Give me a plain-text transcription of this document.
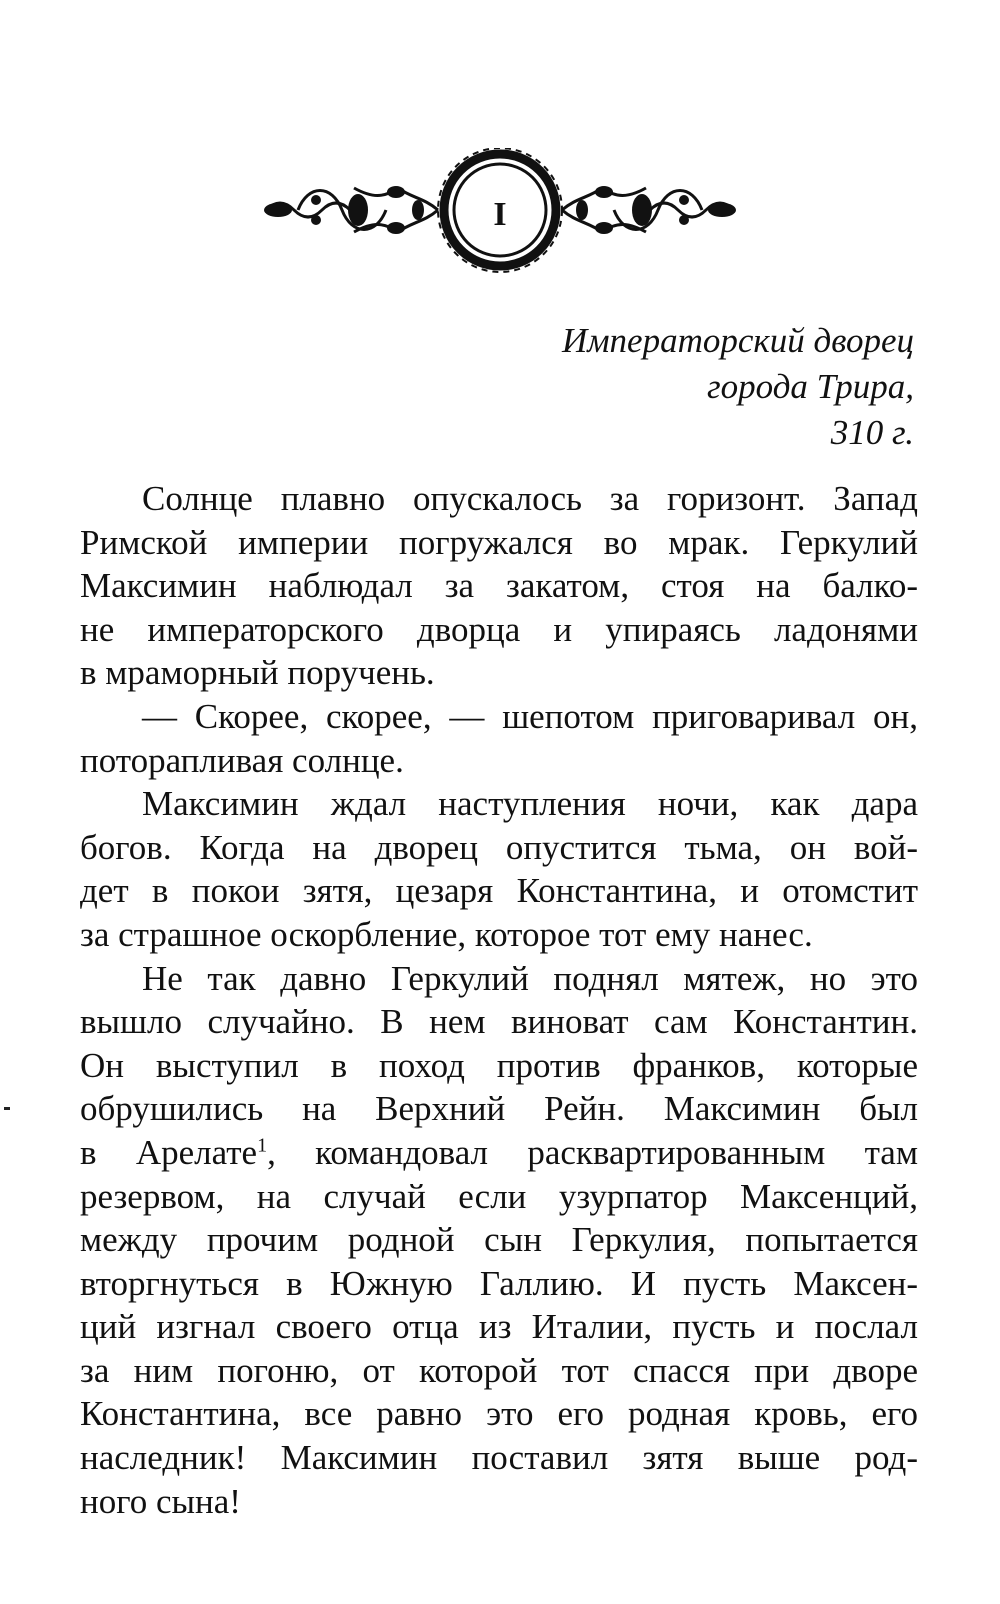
I
Императорский дворец
города Трира,
310 г.
Солнце плавно опускалось за горизонт. Запад
Римской империи погружался во мрак. Геркулий
Максимин наблюдал за закатом, стоя на балко-
не императорского дворца и упираясь ладонями
в мраморный поручень.
— Скорее, скорее, — шепотом приговаривал он,
поторапливая солнце.
Максимин ждал наступления ночи, как дара
богов. Когда на дворец опустится тьма, он вой-
дет в покои зятя, цезаря Константина, и отомстит
за страшное оскорбление, которое тот ему нанес.
Не так давно Геркулий поднял мятеж, но это
вышло случайно. В нем виноват сам Константин.
Он выступил в поход против франков, которые
обрушились на Верхний Рейн. Максимин был
в Арелате$^1$, командовал расквартированным там
резервом, на случай если узурпатор Максенций,
между прочим родной сын Геркулия, попытается
вторгнуться в Южную Галлию. И пусть Максен-
ций изгнал своего отца из Италии, пусть и послал
за ним погоню, от которой тот спасся при дворе
Константина, все равно это его родная кровь, его
наследник! Максимин поставил зятя выше род-
ного сына!
